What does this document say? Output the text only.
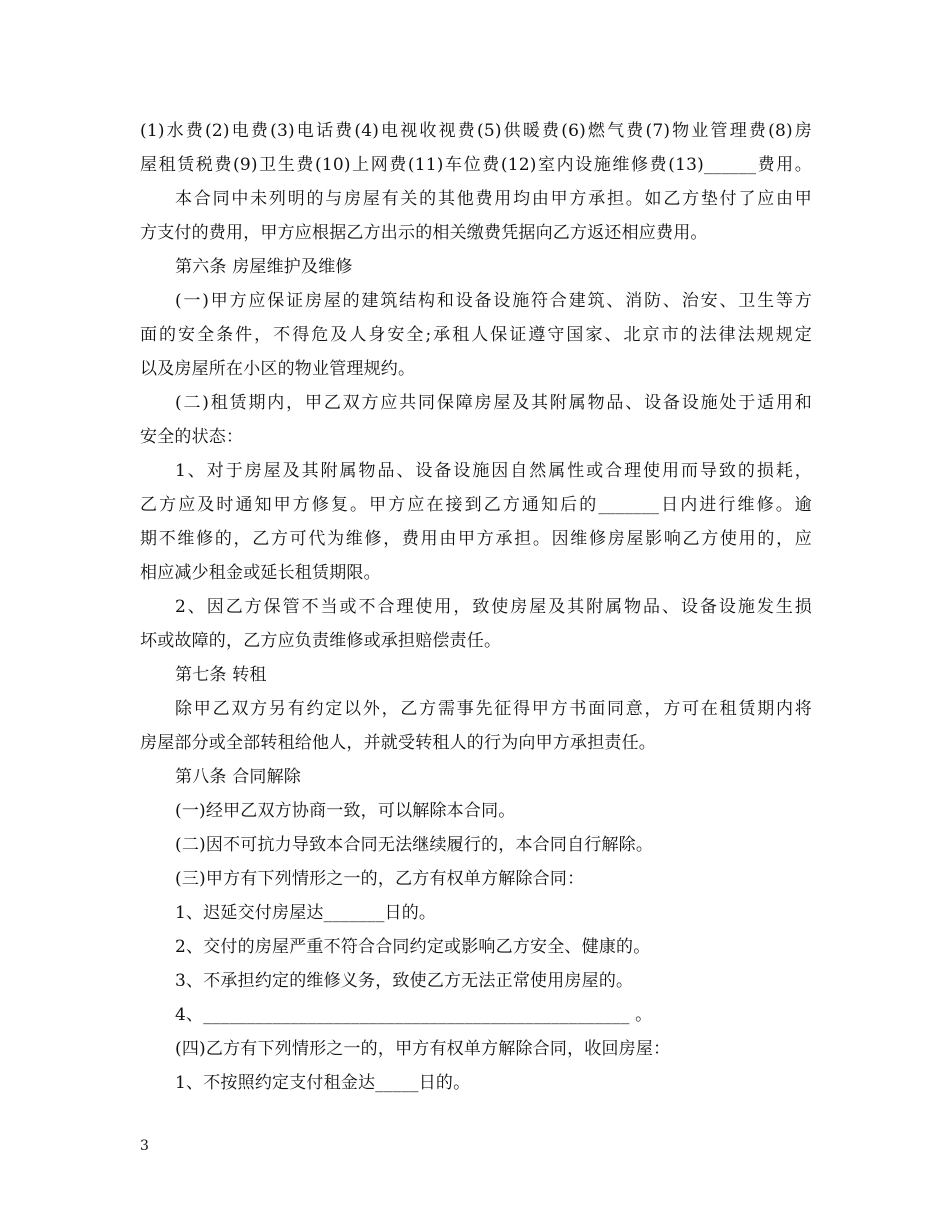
(1)水费(2)电费(3)电话费(4)电视收视费(5)供暖费(6)燃气费(7)物业管理费(8)房
屋租赁税费(9)卫生费(10)上网费(11)车位费(12)室内设施维修费(13)______费用。
本合同中未列明的与房屋有关的其他费用均由甲方承担。如乙方垫付了应由甲
方支付的费用，甲方应根据乙方出示的相关缴费凭据向乙方返还相应费用。
第六条 房屋维护及维修
(一)甲方应保证房屋的建筑结构和设备设施符合建筑、消防、治安、卫生等方
面的安全条件，不得危及人身安全;承租人保证遵守国家、北京市的法律法规规定
以及房屋所在小区的物业管理规约。
(二)租赁期内，甲乙双方应共同保障房屋及其附属物品、设备设施处于适用和
安全的状态：
1、对于房屋及其附属物品、设备设施因自然属性或合理使用而导致的损耗，
乙方应及时通知甲方修复。甲方应在接到乙方通知后的_______日内进行维修。逾
期不维修的，乙方可代为维修，费用由甲方承担。因维修房屋影响乙方使用的，应
相应减少租金或延长租赁期限。
2、因乙方保管不当或不合理使用，致使房屋及其附属物品、设备设施发生损
坏或故障的，乙方应负责维修或承担赔偿责任。
第七条 转租
除甲乙双方另有约定以外，乙方需事先征得甲方书面同意，方可在租赁期内将
房屋部分或全部转租给他人，并就受转租人的行为向甲方承担责任。
第八条 合同解除
(一)经甲乙双方协商一致，可以解除本合同。
(二)因不可抗力导致本合同无法继续履行的，本合同自行解除。
(三)甲方有下列情形之一的，乙方有权单方解除合同：
1、迟延交付房屋达_______日的。
2、交付的房屋严重不符合合同约定或影响乙方安全、健康的。
3、不承担约定的维修义务，致使乙方无法正常使用房屋的。
4、_________________________________________________ 。
(四)乙方有下列情形之一的，甲方有权单方解除合同，收回房屋：
1、不按照约定支付租金达_____日的。
3
